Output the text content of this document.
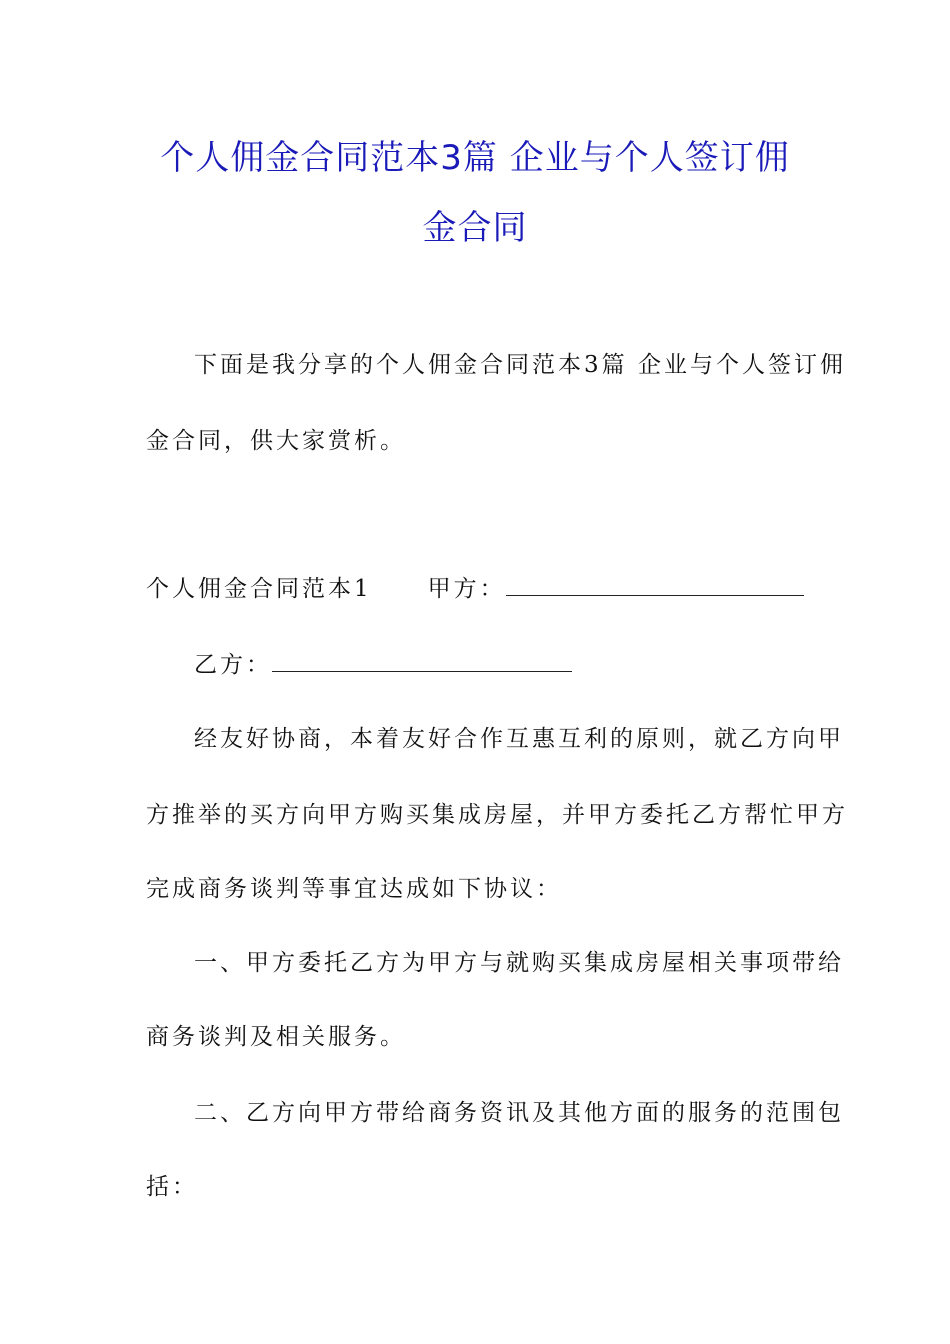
个人佣金合同范本3篇 企业与个人签订佣
金合同
下面是我分享的个人佣金合同范本3篇 企业与个人签订佣
金合同，供大家赏析。
个人佣金合同范本1 甲方：
乙方：
经友好协商，本着友好合作互惠互利的原则，就乙方向甲
方推举的买方向甲方购买集成房屋，并甲方委托乙方帮忙甲方
完成商务谈判等事宜达成如下协议：
一、甲方委托乙方为甲方与就购买集成房屋相关事项带给
商务谈判及相关服务。
二、乙方向甲方带给商务资讯及其他方面的服务的范围包
括：
